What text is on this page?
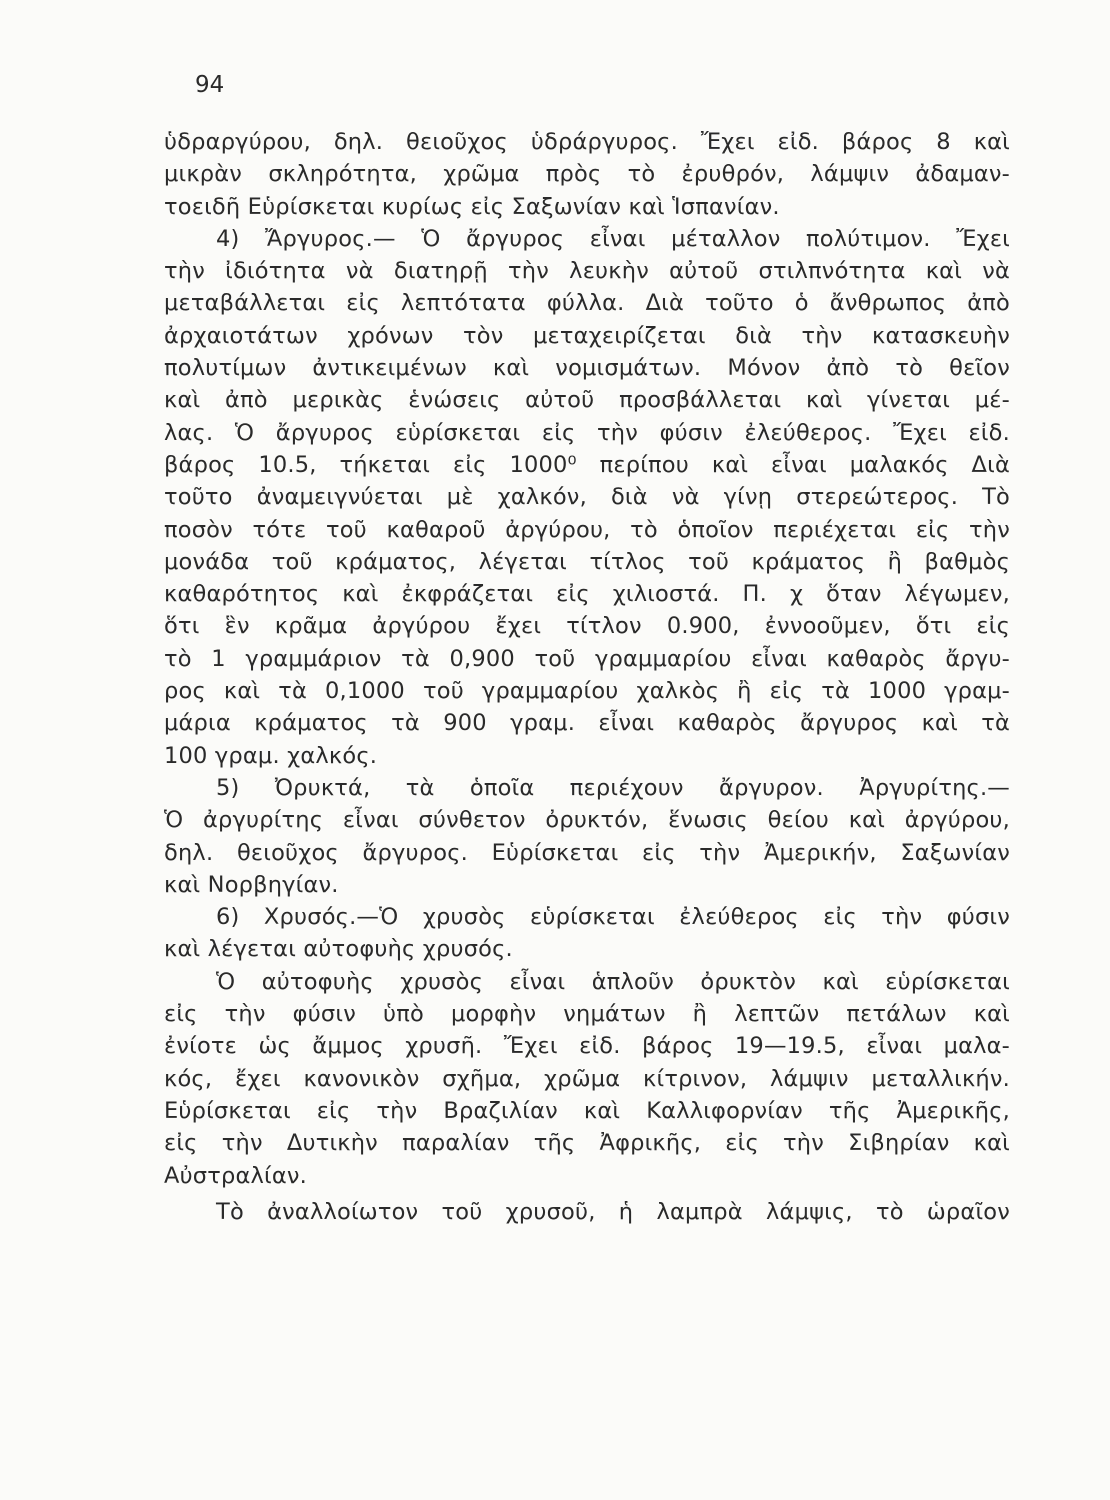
94
ὑδραργύρου, δηλ. θειοῦχος ὑδράργυρος. Ἔχει εἰδ. βάρος 8 καὶ
μικρὰν σκληρότητα, χρῶμα πρὸς τὸ ἐρυθρόν, λάμψιν ἀδαμαν-
τοειδῆ Εὑρίσκεται κυρίως εἰς Σαξωνίαν καὶ Ἱσπανίαν.
4) Ἄργυρος.— Ὁ ἄργυρος εἶναι μέταλλον πολύτιμον. Ἔχει
τὴν ἰδιότητα νὰ διατηρῇ τὴν λευκὴν αὐτοῦ στιλπνότητα καὶ νὰ
μεταβάλλεται εἰς λεπτότατα φύλλα. Διὰ τοῦτο ὁ ἄνθρωπος ἀπὸ
ἀρχαιοτάτων χρόνων τὸν μεταχειρίζεται διὰ τὴν κατασκευὴν
πολυτίμων ἀντικειμένων καὶ νομισμάτων. Μόνον ἀπὸ τὸ θεῖον
καὶ ἀπὸ μερικὰς ἑνώσεις αὐτοῦ προσβάλλεται καὶ γίνεται μέ-
λας. Ὁ ἄργυρος εὑρίσκεται εἰς τὴν φύσιν ἐλεύθερος. Ἔχει εἰδ.
βάρος 10.5, τήκεται εἰς 1000⁰ περίπου καὶ εἶναι μαλακός Διὰ
τοῦτο ἀναμειγνύεται μὲ χαλκόν, διὰ νὰ γίνῃ στερεώτερος. Τὸ
ποσὸν τότε τοῦ καθαροῦ ἀργύρου, τὸ ὁποῖον περιέχεται εἰς τὴν
μονάδα τοῦ κράματος, λέγεται τίτλος τοῦ κράματος ἢ βαθμὸς
καθαρότητος καὶ ἐκφράζεται εἰς χιλιοστά. Π. χ ὅταν λέγωμεν,
ὅτι ἓν κρᾶμα ἀργύρου ἔχει τίτλον 0.900, ἐννοοῦμεν, ὅτι εἰς
τὸ 1 γραμμάριον τὰ 0,900 τοῦ γραμμαρίου εἶναι καθαρὸς ἄργυ-
ρος καὶ τὰ 0,1000 τοῦ γραμμαρίου χαλκὸς ἢ εἰς τὰ 1000 γραμ-
μάρια κράματος τὰ 900 γραμ. εἶναι καθαρὸς ἄργυρος καὶ τὰ
100 γραμ. χαλκός.
5) Ὀρυκτά, τὰ ὁποῖα περιέχουν ἄργυρον. Ἀργυρίτης.—
Ὁ ἀργυρίτης εἶναι σύνθετον ὀρυκτόν, ἕνωσις θείου καὶ ἀργύρου,
δηλ. θειοῦχος ἄργυρος. Εὑρίσκεται εἰς τὴν Ἀμερικήν, Σαξωνίαν
καὶ Νορβηγίαν.
6) Χρυσός.—Ὁ χρυσὸς εὑρίσκεται ἐλεύθερος εἰς τὴν φύσιν
καὶ λέγεται αὐτοφυὴς χρυσός.
Ὁ αὐτοφυὴς χρυσὸς εἶναι ἁπλοῦν ὀρυκτὸν καὶ εὑρίσκεται
εἰς τὴν φύσιν ὑπὸ μορφὴν νημάτων ἢ λεπτῶν πετάλων καὶ
ἐνίοτε ὡς ἄμμος χρυσῆ. Ἔχει εἰδ. βάρος 19—19.5, εἶναι μαλα-
κός, ἔχει κανονικὸν σχῆμα, χρῶμα κίτρινον, λάμψιν μεταλλικήν.
Εὑρίσκεται εἰς τὴν Βραζιλίαν καὶ Καλλιφορνίαν τῆς Ἀμερικῆς,
εἰς τὴν Δυτικὴν παραλίαν τῆς Ἀφρικῆς, εἰς τὴν Σιβηρίαν καὶ
Αὐστραλίαν.
Τὸ ἀναλλοίωτον τοῦ χρυσοῦ, ἡ λαμπρὰ λάμψις, τὸ ὡραῖον
